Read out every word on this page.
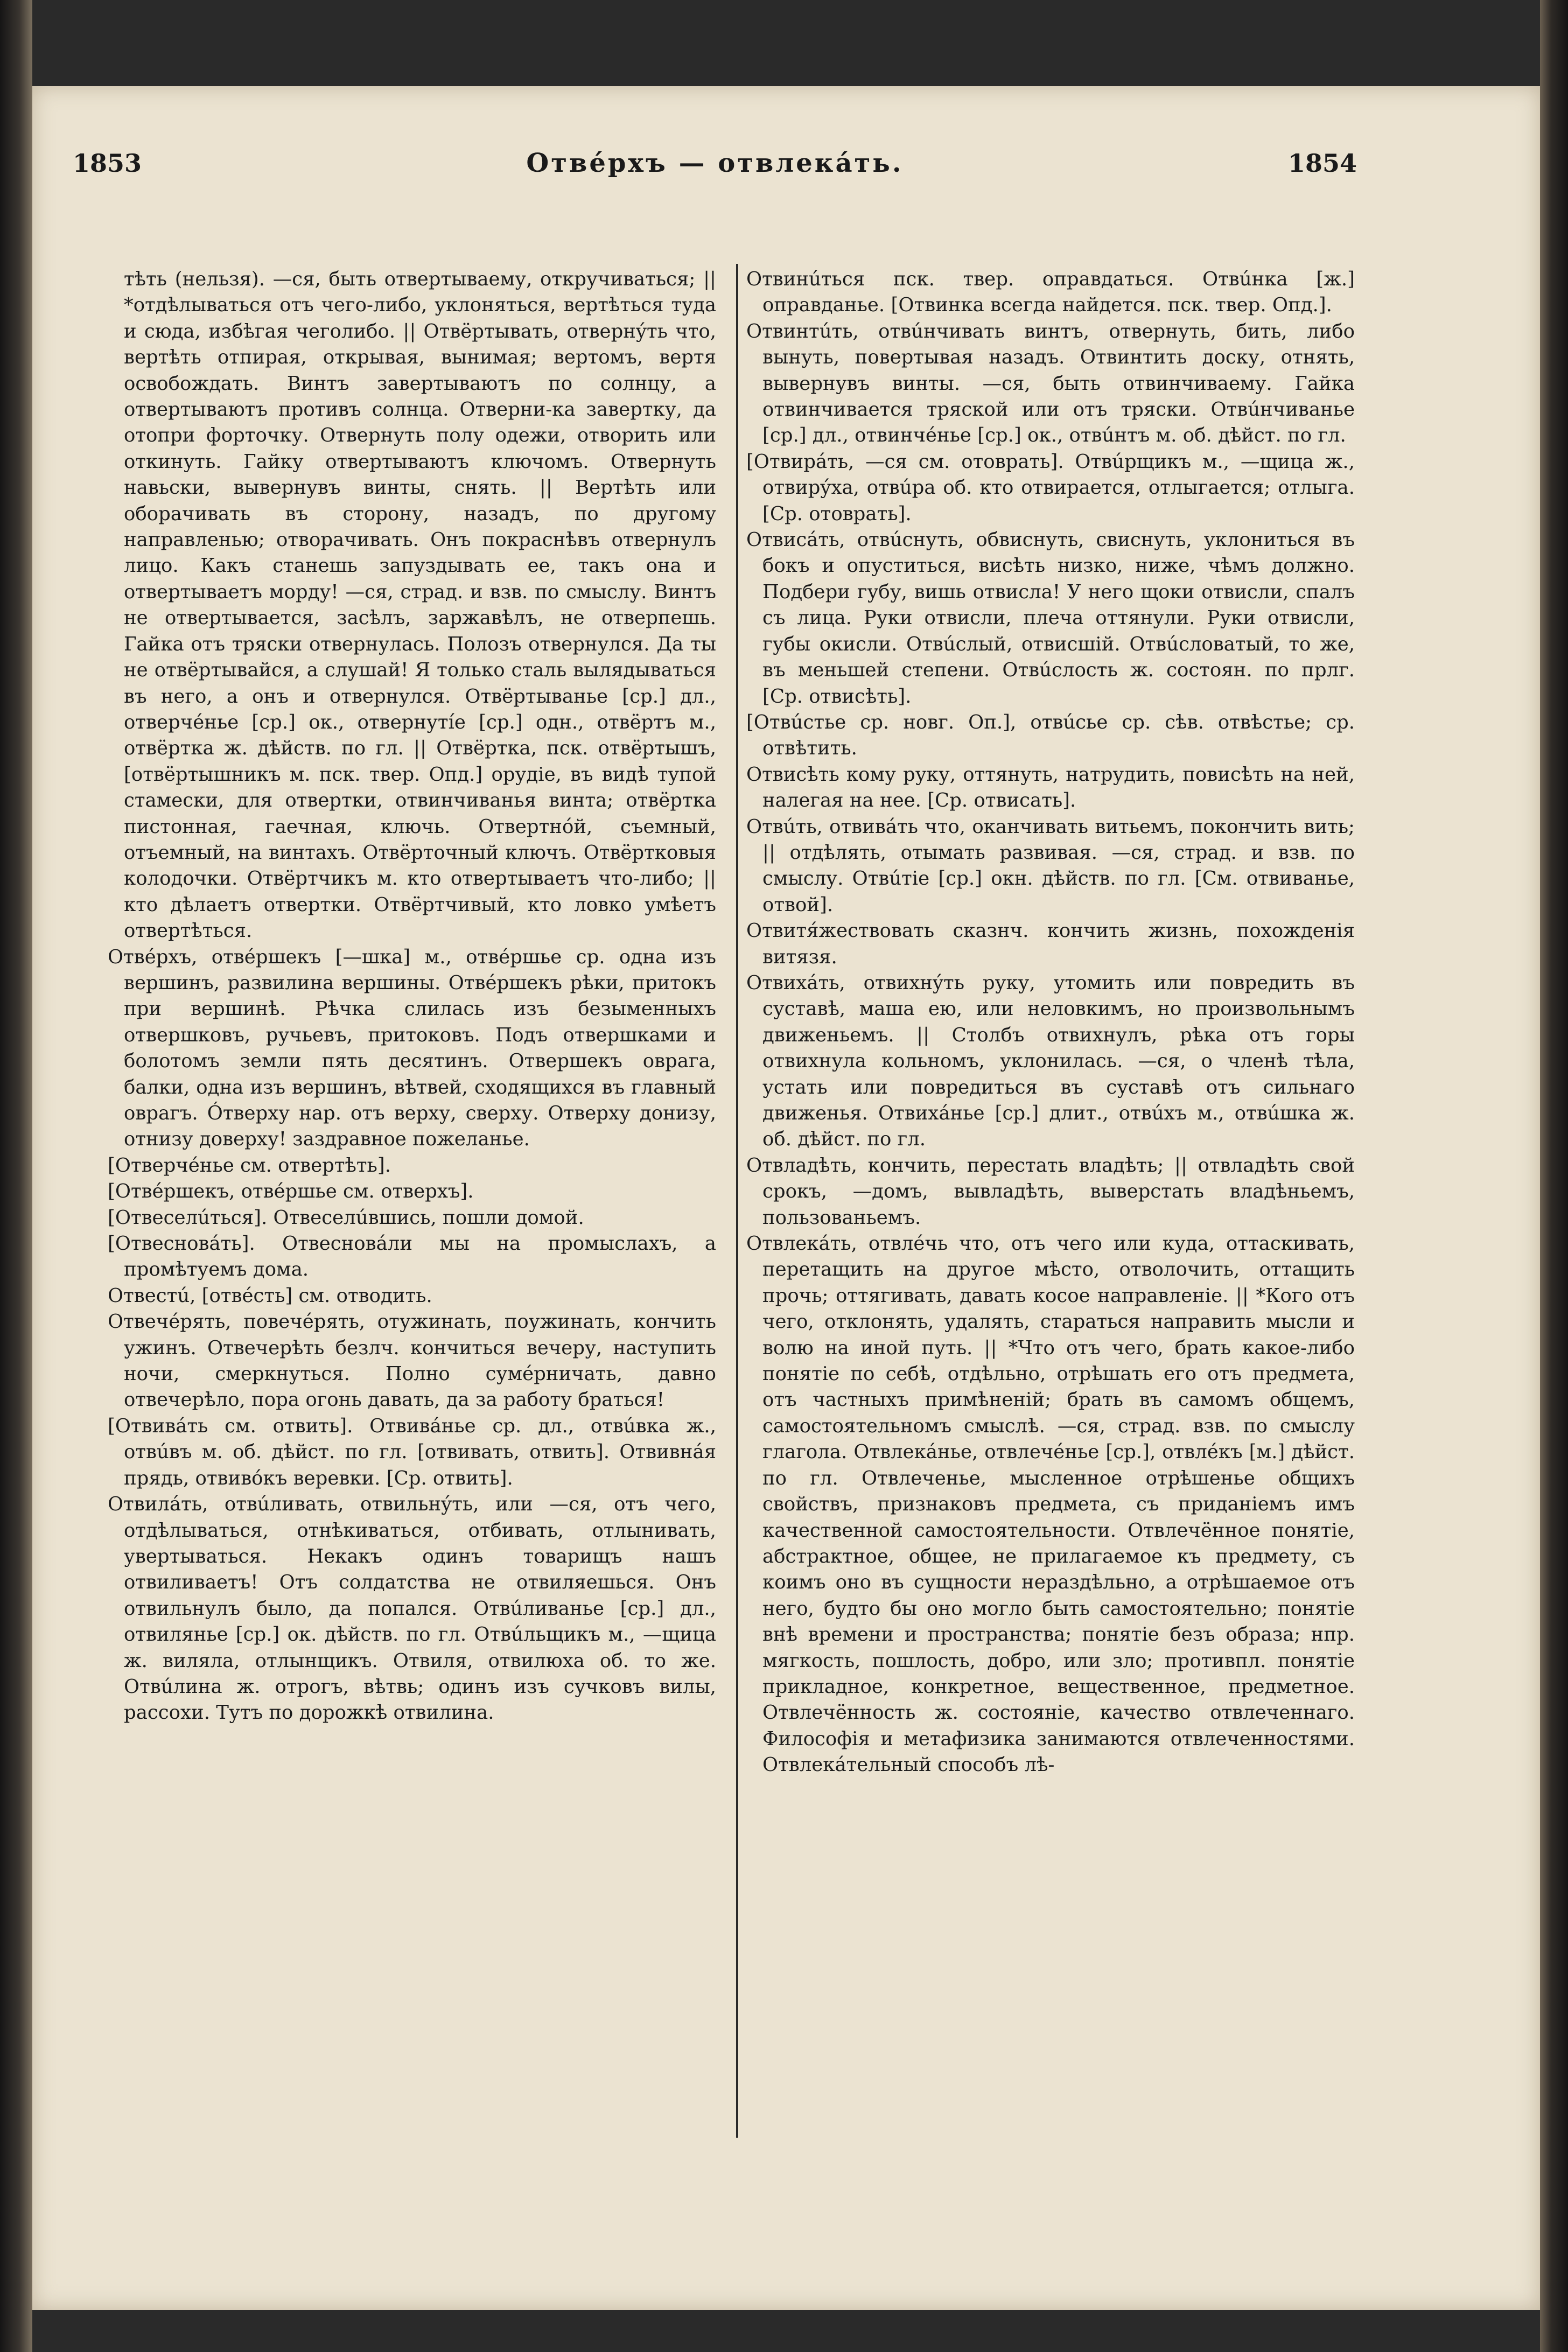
1853	Отвéрхъ — отвлекáть.	1854

тѣть (нельзя). —ся, быть отвертываему, откручиваться; || *отдѣлываться отъ чего-либо, уклоняться, вертѣться туда и сюда, избѣгая чеголибо. || Отвёртывать, отвернýть что, вертѣть отпирая, открывая, вынимая; вертомъ, вертя освобождать. Винтъ завертываютъ по солнцу, а отвертываютъ противъ солнца. Отверни-ка завертку, да отопри форточку. Отвернуть полу одежи, отворить или откинуть. Гайку отвертываютъ ключомъ. Отвернуть навьски, вывернувъ винты, снять. || Вертѣть или оборачивать въ сторону, назадъ, по другому направленью; отворачивать. Онъ покраснѣвъ отвернулъ лицо. Какъ станешь запуздывать ее, такъ она и отвертываетъ морду! —ся, страд. и взв. по смыслу. Винтъ не отвертывается, засѣлъ, заржавѣлъ, не отверпешь. Гайка отъ тряски отвернулась. Полозъ отвернулся. Да ты не отвёртывайся, а слушай! Я только сталь вылядываться въ него, а онъ и отвернулся. Отвёртыванье [ср.] дл., отверчéнье [ср.] ок., отвернутíе [ср.] одн., отвёртъ м., отвёртка ж. дѣйств. по гл. || Отвёртка, пск. отвёртышъ, [отвёртышникъ м. пск. твер. Опд.] орудіе, въ видѣ тупой стамески, для отвертки, отвинчиванья винта; отвёртка пистонная, гаечная, ключь. Отвертнóй, съемный, отъемный, на винтахъ. Отвёрточный ключъ. Отвёртковыя колодочки. Отвёртчикъ м. кто отвертываетъ что-либо; || кто дѣлаетъ отвертки. Отвёртчивый, кто ловко умѣетъ отвертѣться.

Отвéрхъ, отвéршекъ [—шка] м., отвéршье ср. одна изъ вершинъ, развилина вершины. Отвéршекъ рѣки, притокъ при вершинѣ. Рѣчка слилась изъ безыменныхъ отвершковъ, ручьевъ, притоковъ. Подъ отвершками и болотомъ земли пять десятинъ. Отвершекъ оврага, балки, одна изъ вершинъ, вѣтвей, сходящихся въ главный оврагъ. Óтверху нар. отъ верху, сверху. Отверху донизу, отнизу доверху! заздравное пожеланье.

[Отверчéнье см. отвертѣть].

[Отвéршекъ, отвéршье см. отверхъ].

[Отвеселúться]. Отвеселúвшись, пошли домой.

[Отвесновáть]. Отвесновáли мы на промыслахъ, а промѣтуемъ дома.

Отвестú, [отвéсть] см. отводить.

Отвечéрять, повечéрять, отужинать, поужинать, кончить ужинъ. Отвечерѣть безлч. кончиться вечеру, наступить ночи, смеркнуться. Полно сумéрничать, давно отвечерѣло, пора огонь давать, да за работу браться!

[Отвивáть см. отвить]. Отвивáнье ср. дл., отвúвка ж., отвúвъ м. об. дѣйст. по гл. [отвивать, отвить]. Отвивнáя прядь, отвивóкъ веревки. [Ср. отвить].

Отвилáть, отвúливать, отвильнýть, или —ся, отъ чего, отдѣлываться, отнѣкиваться, отбивать, отлынивать, увертываться. Некакъ одинъ товарищъ нашъ отвиливаетъ! Отъ солдатства не отвиляешься. Онъ отвильнулъ было, да попался. Отвúливанье [ср.] дл., отвилянье [ср.] ок. дѣйств. по гл. Отвúльщикъ м., —щица ж. виляла, отлынщикъ. Отвиля, отвилюха об. то же. Отвúлина ж. отрогъ, вѣтвь; одинъ изъ сучковъ вилы, рассохи. Тутъ по дорожкѣ отвилина.

Отвинúться пск. твер. оправдаться. Отвúнка [ж.] оправданье. [Отвинка всегда найдется. пск. твер. Опд.].

Отвинтúть, отвúнчивать винтъ, отвернуть, бить, либо вынуть, повертывая назадъ. Отвинтить доску, отнять, вывернувъ винты. —ся, быть отвинчиваему. Гайка отвинчивается тряской или отъ тряски. Отвúнчиванье [ср.] дл., отвинчéнье [ср.] ок., отвúнтъ м. об. дѣйст. по гл.

[Отвирáть, —ся см. отоврать]. Отвúрщикъ м., —щица ж., отвирýха, отвúра об. кто отвирается, отлыгается; отлыга. [Ср. отоврать].

Отвисáть, отвúснуть, обвиснуть, свиснуть, уклониться въ бокъ и опуститься, висѣть низко, ниже, чѣмъ должно. Подбери губу, вишь отвисла! У него щоки отвисли, спалъ съ лица. Руки отвисли, плеча оттянули. Руки отвисли, губы окисли. Отвúслый, отвисшій. Отвúсловатый, то же, въ меньшей степени. Отвúслость ж. состоян. по прлг. [Ср. отвисѣть].

[Отвúстье ср. новг. Оп.], отвúсье ср. сѣв. отвѣстье; ср. отвѣтить.

Отвисѣть кому руку, оттянуть, натрудить, повисѣть на ней, налегая на нее. [Ср. отвисать].

Отвúть, отвивáть что, оканчивать витьемъ, покончить вить; || отдѣлять, отымать развивая. —ся, страд. и взв. по смыслу. Отвúтіе [ср.] окн. дѣйств. по гл. [См. отвиванье, отвой].

Отвитя́жествовать сказнч. кончить жизнь, похожденія витязя.

Отвихáть, отвихнýть руку, утомить или повредить въ суставѣ, маша ею, или неловкимъ, но произвольнымъ движеньемъ. || Столбъ отвихнулъ, рѣка отъ горы отвихнула кольномъ, уклонилась. —ся, о членѣ тѣла, устать или повредиться въ суставѣ отъ сильнаго движенья. Отвихáнье [ср.] длит., отвúхъ м., отвúшка ж. об. дѣйст. по гл.

Отвладѣть, кончить, перестать владѣть; || отвладѣть свой срокъ, —домъ, вывладѣть, выверстать владѣньемъ, пользованьемъ.

Отвлекáть, отвлéчь что, отъ чего или куда, оттаскивать, перетащить на другое мѣсто, отволочить, оттащить прочь; оттягивать, давать косое направленіе. || *Кого отъ чего, отклонять, удалять, стараться направить мысли и волю на иной путь. || *Что отъ чего, брать какое-либо понятіе по себѣ, отдѣльно, отрѣшать его отъ предмета, отъ частныхъ примѣненій; брать въ самомъ общемъ, самостоятельномъ смыслѣ. —ся, страд. взв. по смыслу глагола. Отвлекáнье, отвлечéнье [ср.], отвлéкъ [м.] дѣйст. по гл. Отвлеченье, мысленное отрѣшенье общихъ свойствъ, признаковъ предмета, съ приданіемъ имъ качественной самостоятельности. Отвлечённое понятіе, абстрактное, общее, не прилагаемое къ предмету, съ коимъ оно въ сущности нераздѣльно, а отрѣшаемое отъ него, будто бы оно могло быть самостоятельно; понятіе внѣ времени и пространства; понятіе безъ образа; нпр. мягкость, пошлость, добро, или зло; противпл. понятіе прикладное, конкретное, вещественное, предметное. Отвлечённость ж. состояніе, качество отвлеченнаго. Философія и метафизика занимаются отвлеченностями. Отвлекáтельный способъ лѣ-
